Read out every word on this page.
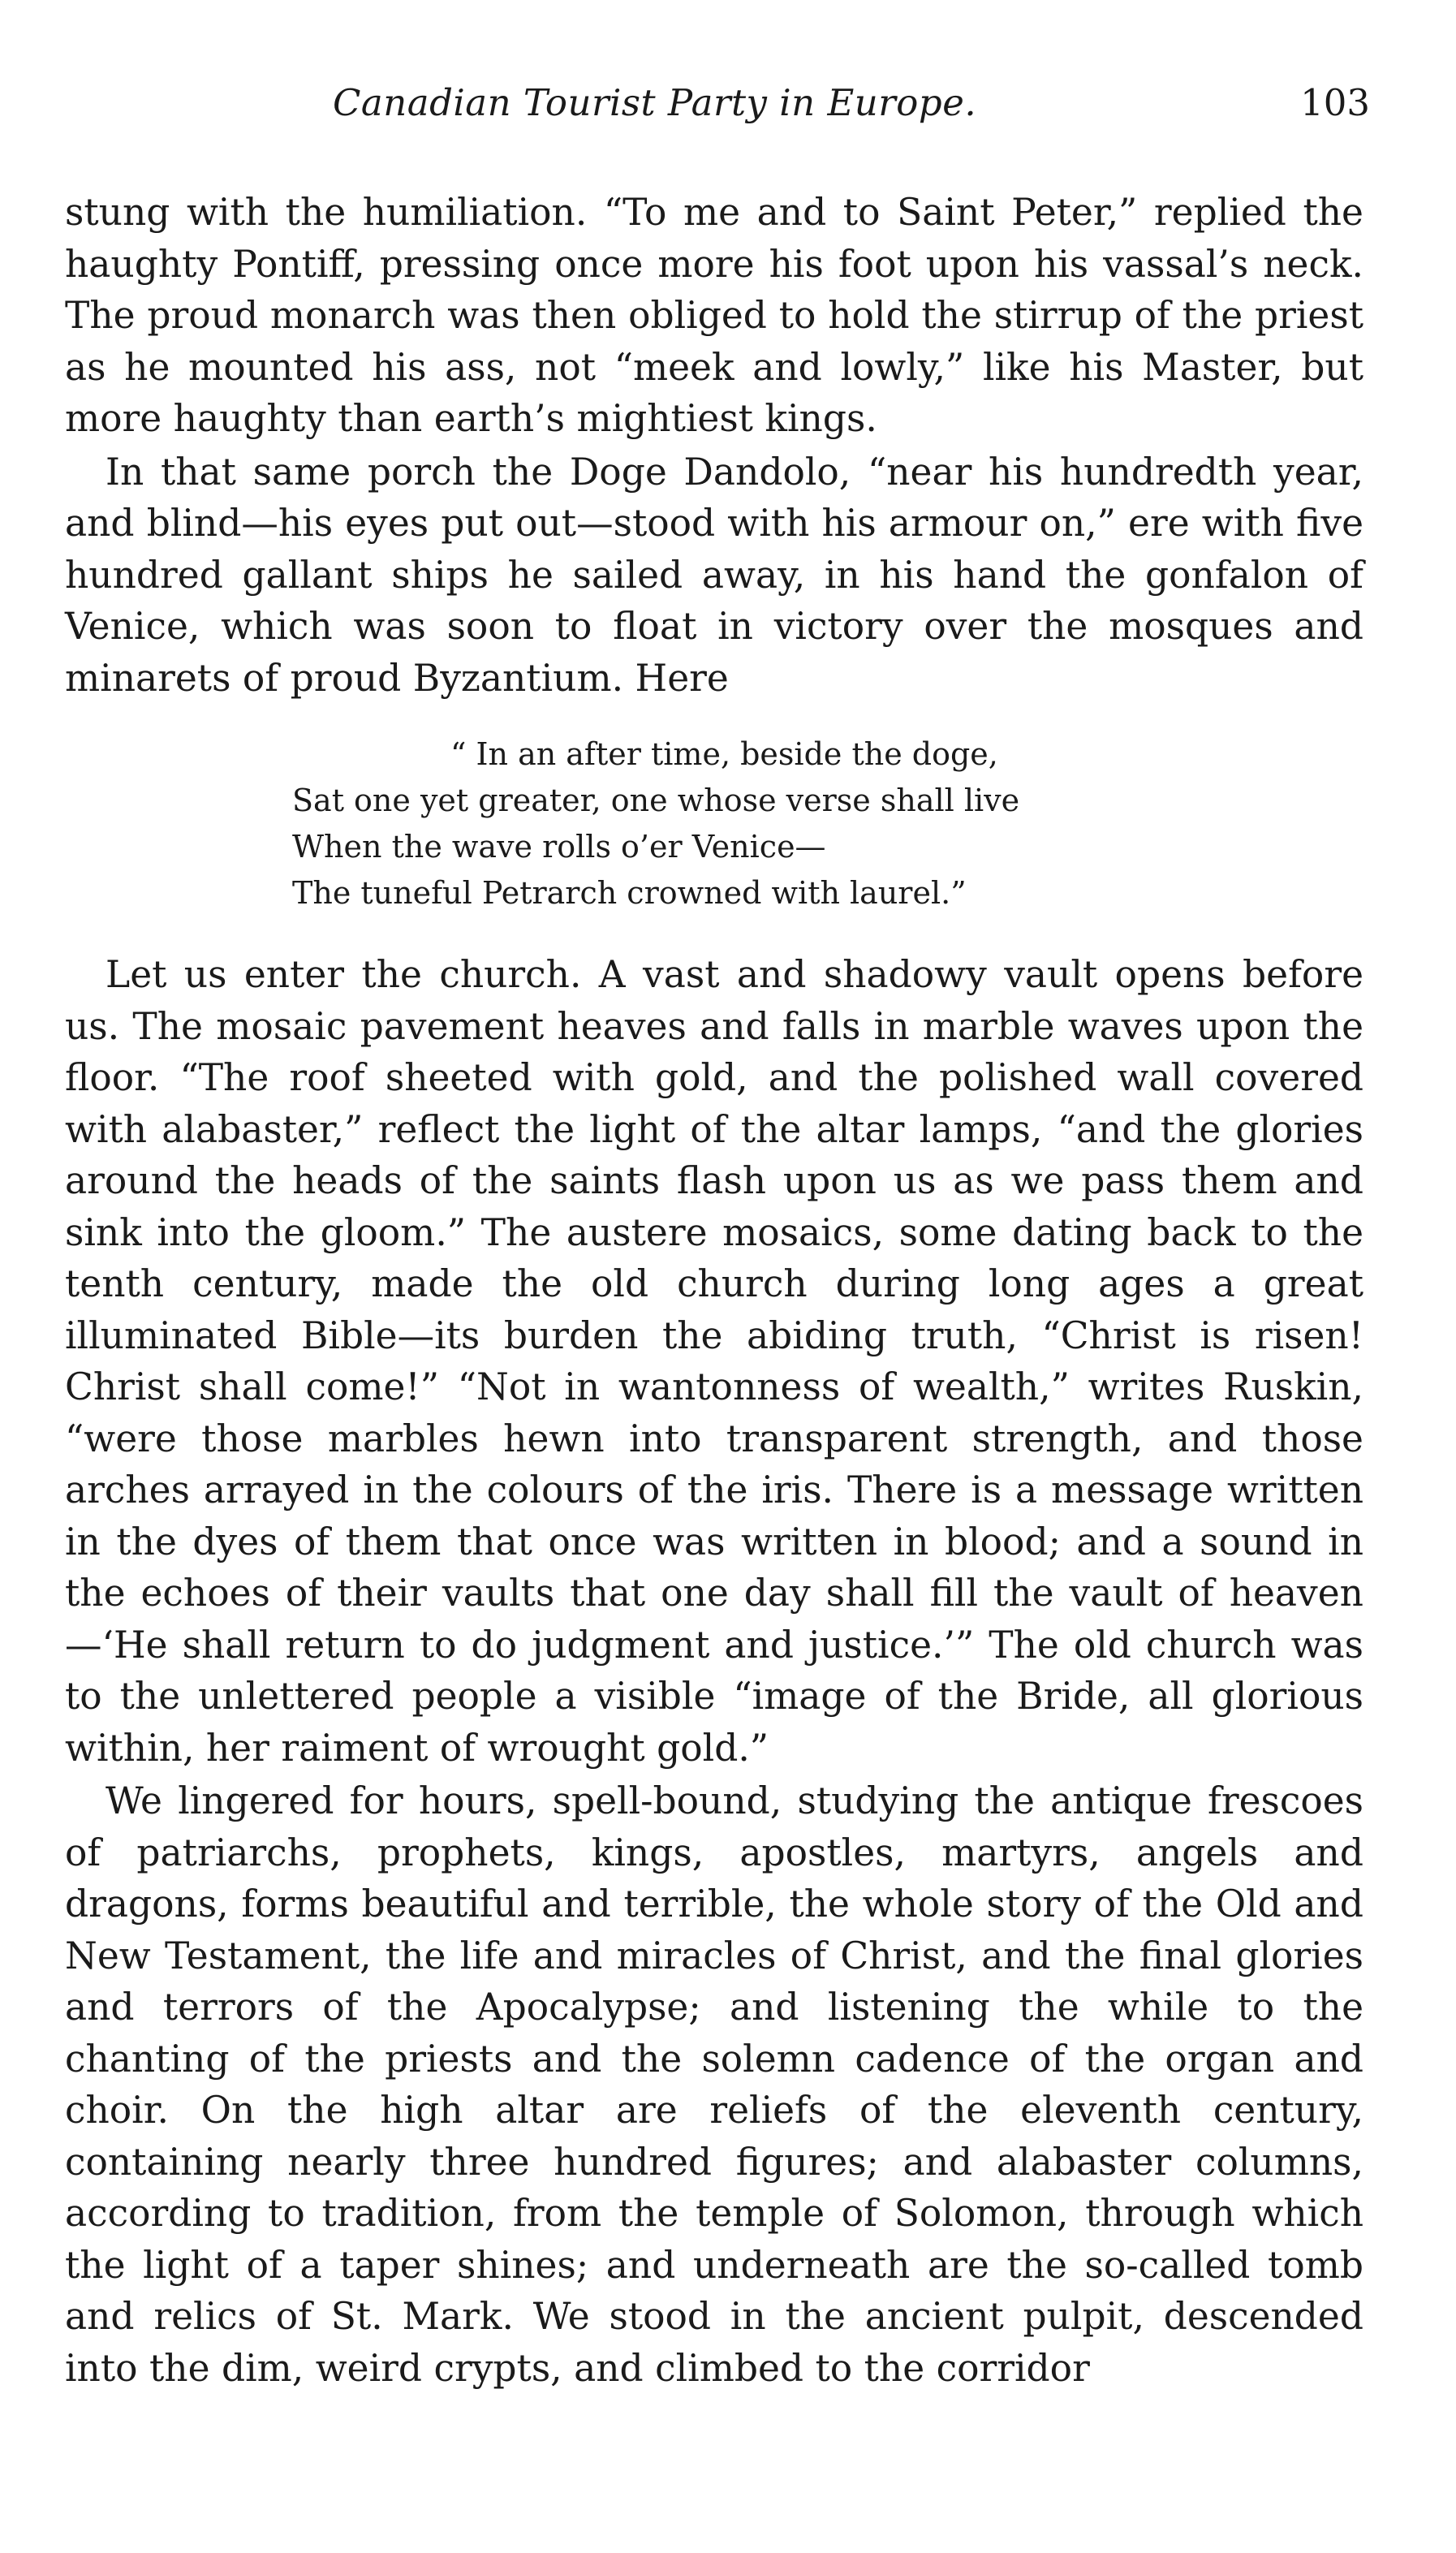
Canadian Tourist Party in Europe.	103

stung with the humiliation. “To me and to Saint Peter,” replied the haughty Pontiff, pressing once more his foot upon his vassal’s neck. The proud monarch was then obliged to hold the stirrup of the priest as he mounted his ass, not “meek and lowly,” like his Master, but more haughty than earth’s mightiest kings.

In that same porch the Doge Dandolo, “near his hundredth year, and blind—his eyes put out—stood with his armour on,” ere with five hundred gallant ships he sailed away, in his hand the gonfalon of Venice, which was soon to float in victory over the mosques and minarets of proud Byzantium. Here

“ In an after time, beside the doge,
Sat one yet greater, one whose verse shall live
When the wave rolls o’er Venice—
The tuneful Petrarch crowned with laurel.”

Let us enter the church. A vast and shadowy vault opens before us. The mosaic pavement heaves and falls in marble waves upon the floor. “The roof sheeted with gold, and the polished wall covered with alabaster,” reflect the light of the altar lamps, “and the glories around the heads of the saints flash upon us as we pass them and sink into the gloom.” The austere mosaics, some dating back to the tenth century, made the old church during long ages a great illuminated Bible—its burden the abiding truth, “Christ is risen! Christ shall come!” “Not in wantonness of wealth,” writes Ruskin, “were those marbles hewn into transparent strength, and those arches arrayed in the colours of the iris. There is a message written in the dyes of them that once was written in blood; and a sound in the echoes of their vaults that one day shall fill the vault of heaven—‘He shall return to do judgment and justice.’” The old church was to the unlettered people a visible “image of the Bride, all glorious within, her raiment of wrought gold.”

We lingered for hours, spell-bound, studying the antique frescoes of patriarchs, prophets, kings, apostles, martyrs, angels and dragons, forms beautiful and terrible, the whole story of the Old and New Testament, the life and miracles of Christ, and the final glories and terrors of the Apocalypse; and listening the while to the chanting of the priests and the solemn cadence of the organ and choir. On the high altar are reliefs of the eleventh century, containing nearly three hundred figures; and alabaster columns, according to tradition, from the temple of Solomon, through which the light of a taper shines; and underneath are the so-called tomb and relics of St. Mark. We stood in the ancient pulpit, descended into the dim, weird crypts, and climbed to the corridor
